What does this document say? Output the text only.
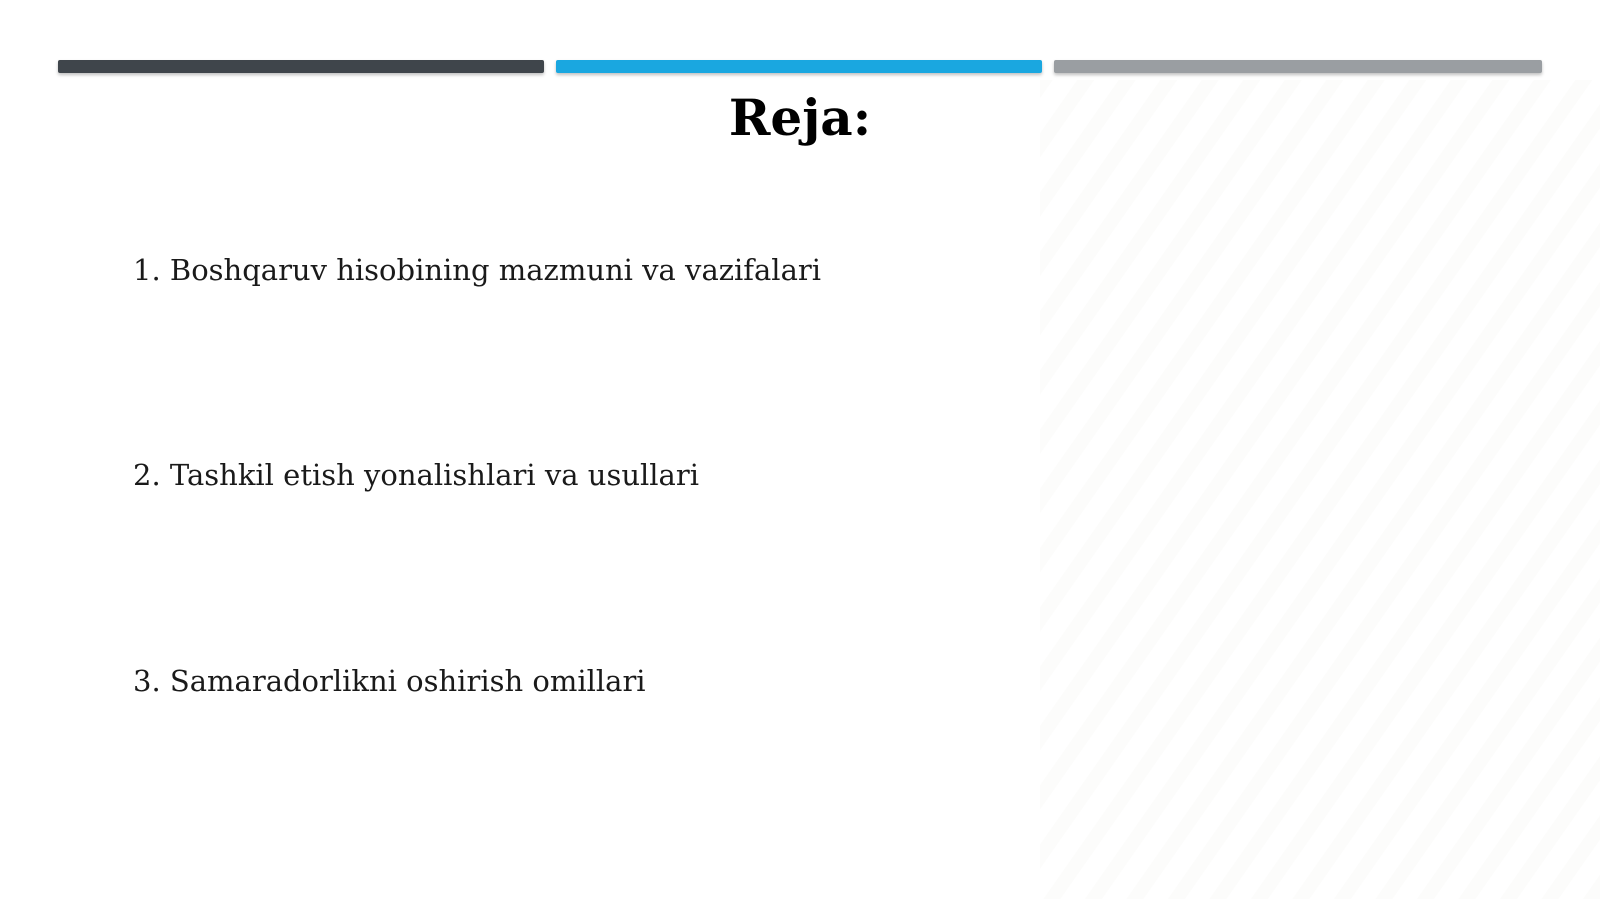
Reja:
1. Boshqaruv hisobining mazmuni va vazifalari
2. Tashkil etish yonalishlari va usullari
3. Samaradorlikni oshirish omillari
